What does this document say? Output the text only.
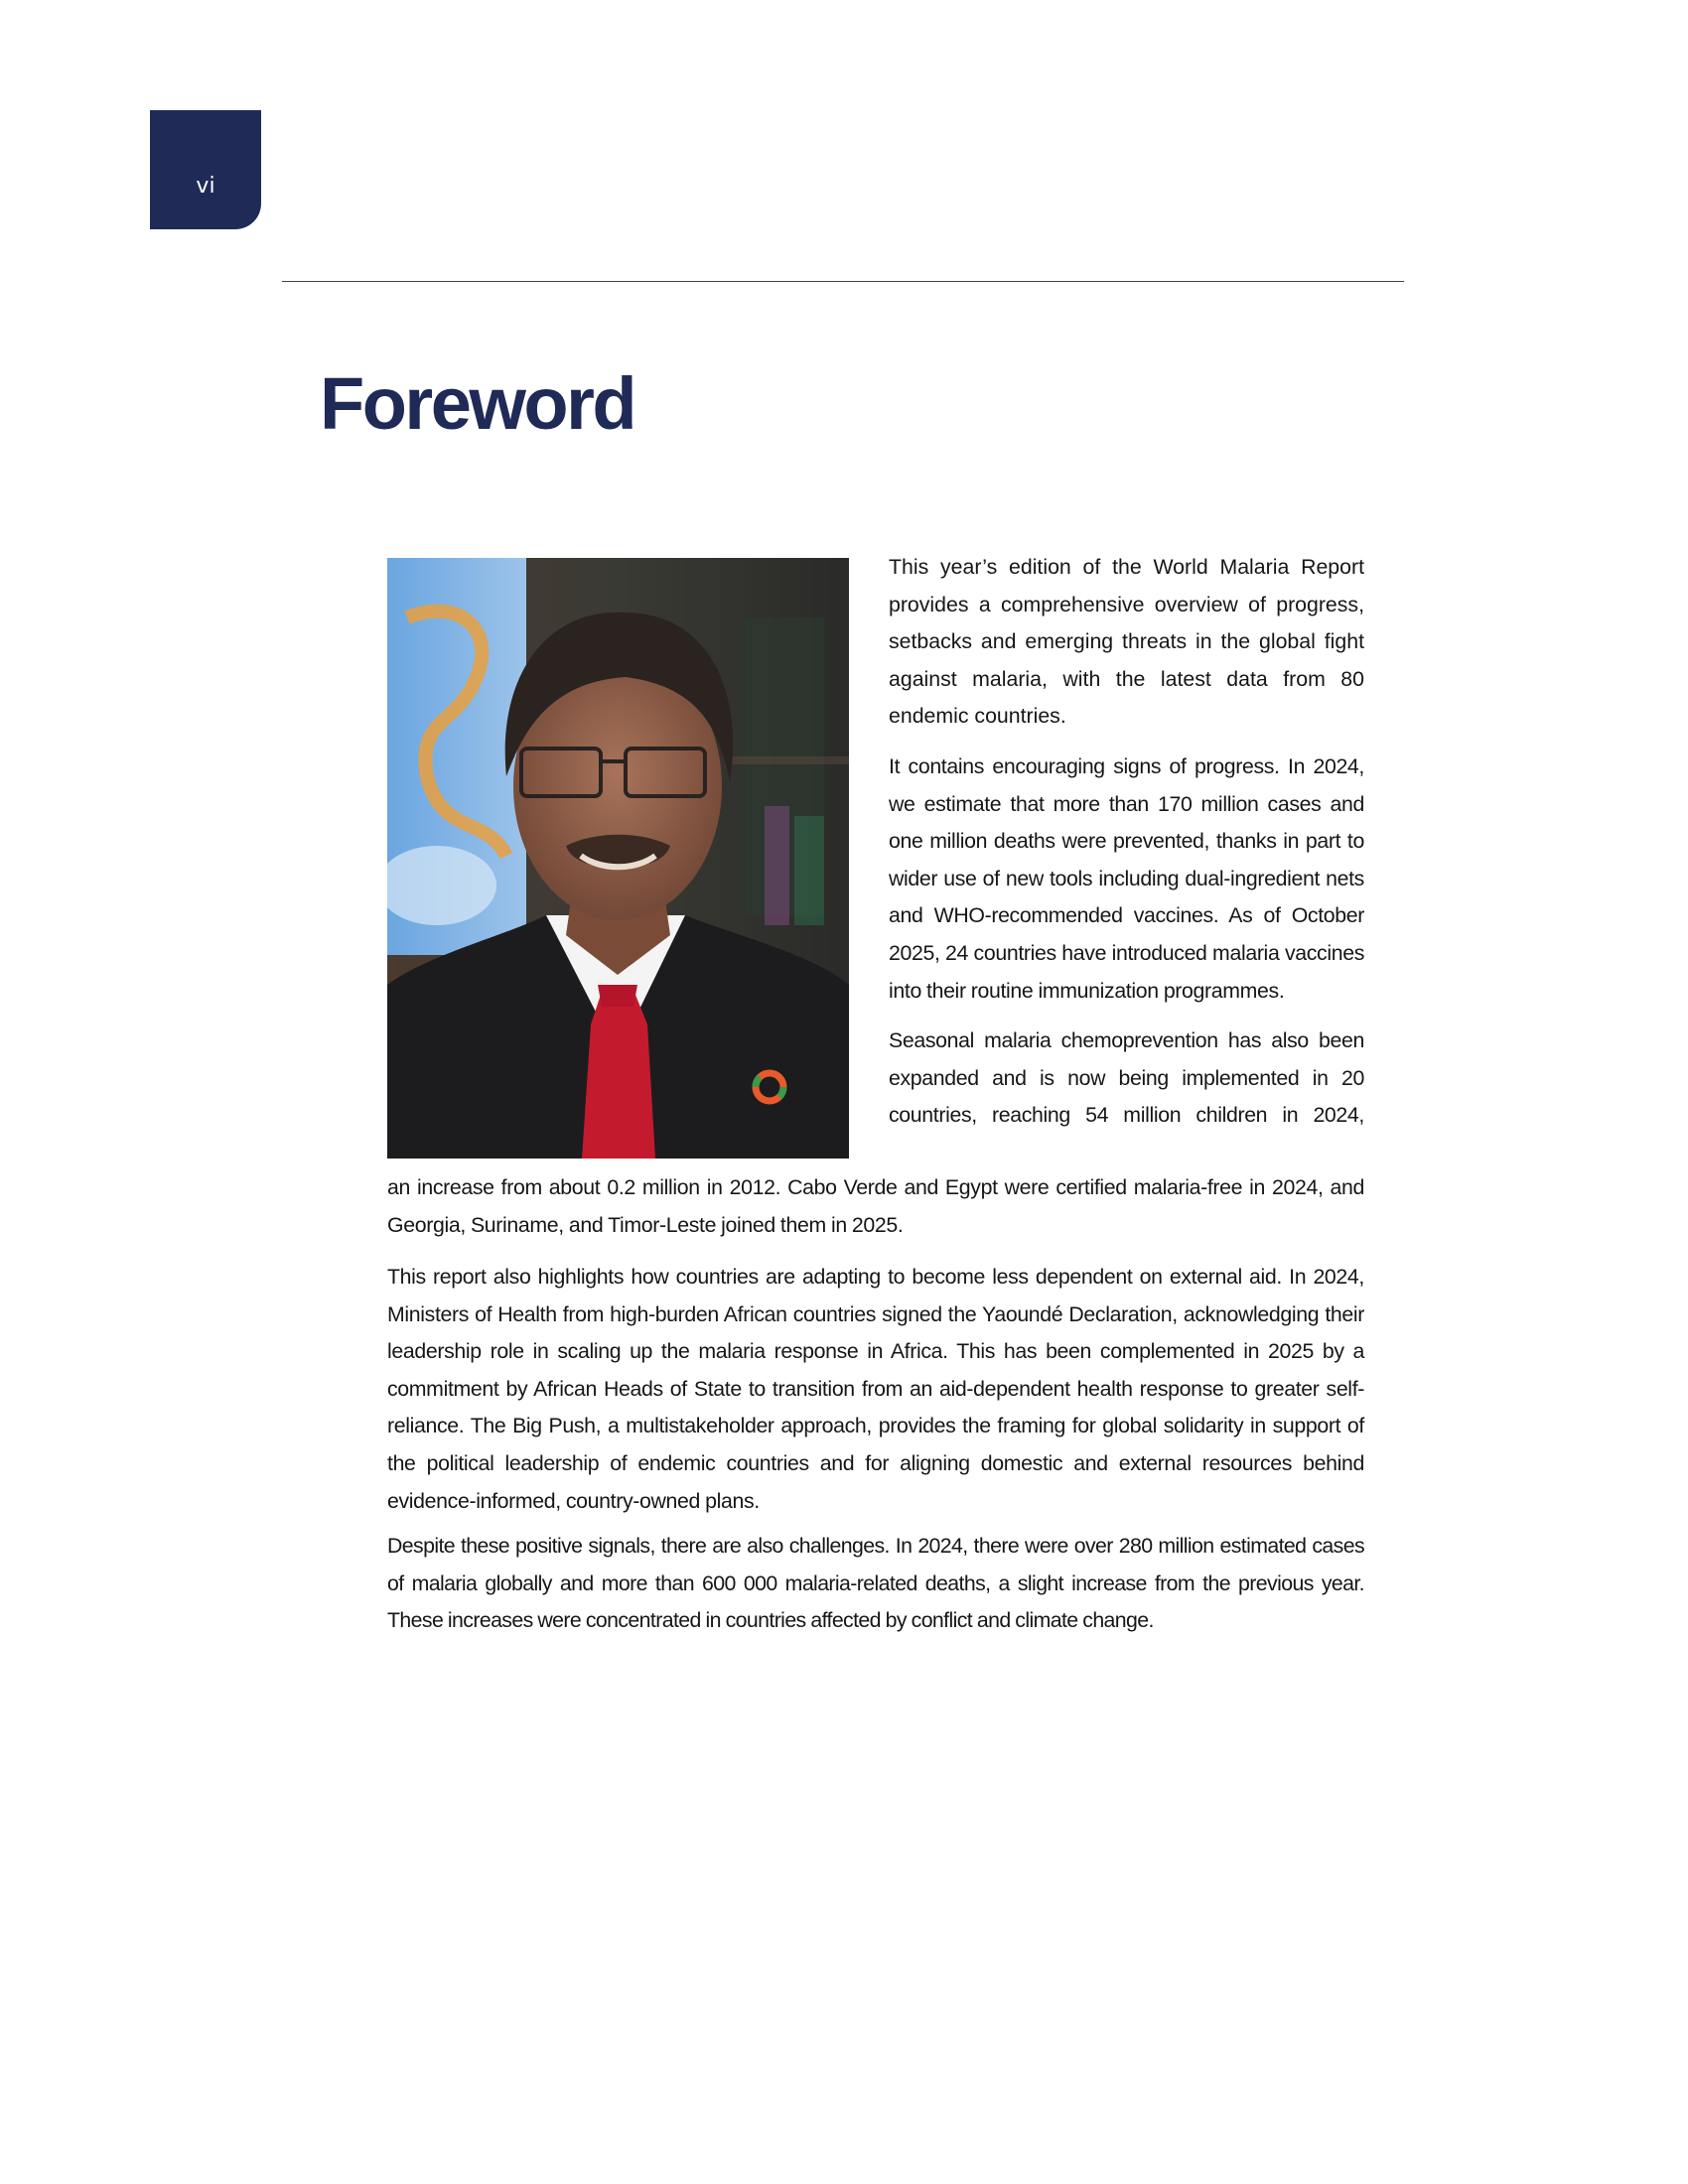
vi
Foreword

This year’s edition of the World Malaria Report provides a comprehensive overview of progress, setbacks and emerging threats in the global fight against malaria, with the latest data from 80 endemic countries.

It contains encouraging signs of progress. In 2024, we estimate that more than 170 million cases and one million deaths were prevented, thanks in part to wider use of new tools including dual-ingredient nets and WHO-recommended vaccines. As of October 2025, 24 countries have introduced malaria vaccines into their routine immunization programmes.

Seasonal malaria chemoprevention has also been expanded and is now being implemented in 20 countries, reaching 54 million children in 2024,

an increase from about 0.2 million in 2012. Cabo Verde and Egypt were certified malaria-free in 2024, and Georgia, Suriname, and Timor-Leste joined them in 2025.

This report also highlights how countries are adapting to become less dependent on external aid. In 2024, Ministers of Health from high-burden African countries signed the Yaoundé Declaration, acknowledging their leadership role in scaling up the malaria response in Africa. This has been complemented in 2025 by a commitment by African Heads of State to transition from an aid-dependent health response to greater self-reliance. The Big Push, a multistakeholder approach, provides the framing for global solidarity in support of the political leadership of endemic countries and for aligning domestic and external resources behind evidence-informed, country-owned plans.

Despite these positive signals, there are also challenges. In 2024, there were over 280 million estimated cases of malaria globally and more than 600 000 malaria-related deaths, a slight increase from the previous year. These increases were concentrated in countries affected by conflict and climate change.
